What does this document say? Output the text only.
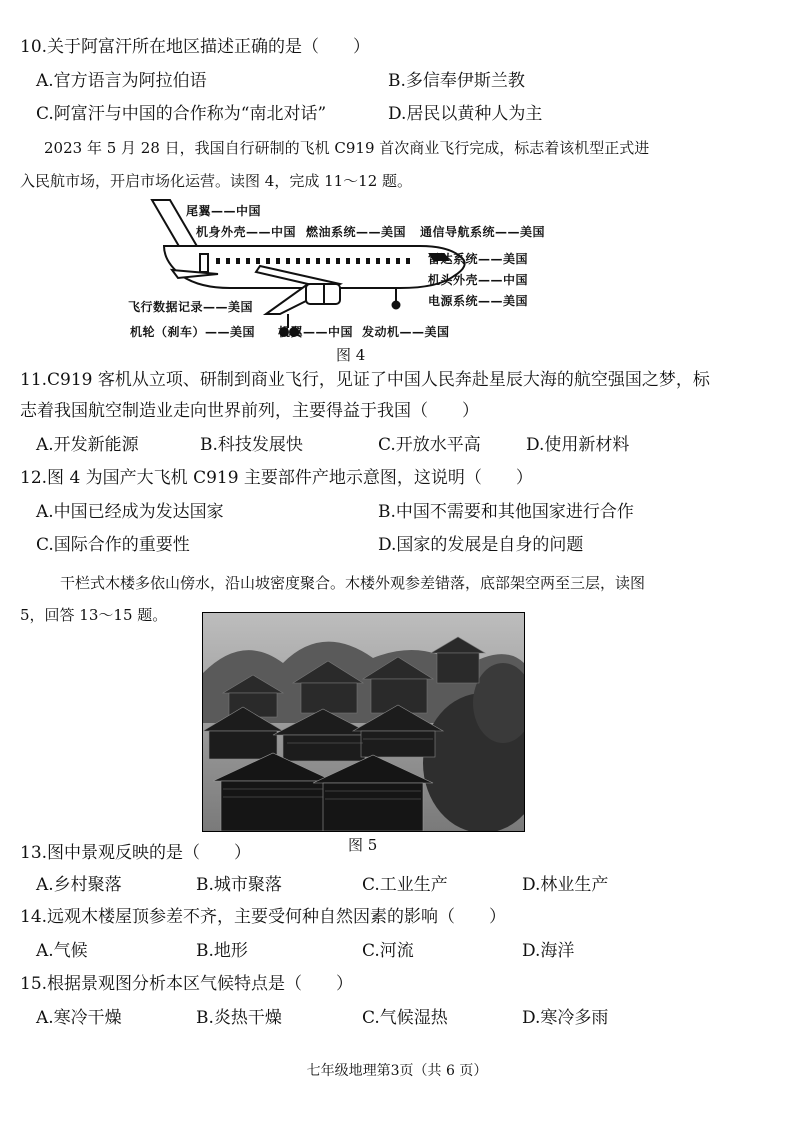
10.关于阿富汗所在地区描述正确的是（　　）
A.官方语言为阿拉伯语	B.多信奉伊斯兰教
C.阿富汗与中国的合作称为“南北对话”	D.居民以黄种人为主
2023 年 5 月 28 日，我国自行研制的飞机 C919 首次商业飞行完成，标志着该机型正式进
入民航市场，开启市场化运营。读图 4，完成 11～12 题。
尾翼——中国
机身外壳——中国 燃油系统——美国 通信导航系统——美国
雷达系统——美国
机头外壳——中国
电源系统——美国
飞行数据记录——美国
机轮（刹车）——美国 机翼——中国 发动机——美国
图 4
11.C919 客机从立项、研制到商业飞行，见证了中国人民奔赴星辰大海的航空强国之梦，标
志着我国航空制造业走向世界前列，主要得益于我国（　　）
A.开发新能源	B.科技发展快	C.开放水平高	D.使用新材料
12.图 4 为国产大飞机 C919 主要部件产地示意图，这说明（　　）
A.中国已经成为发达国家	B.中国不需要和其他国家进行合作
C.国际合作的重要性	D.国家的发展是自身的问题
干栏式木楼多依山傍水，沿山坡密度聚合。木楼外观参差错落，底部架空两至三层，读图
5，回答 13～15 题。
图 5
13.图中景观反映的是（　　）
A.乡村聚落	B.城市聚落	C.工业生产	D.林业生产
14.远观木楼屋顶参差不齐，主要受何种自然因素的影响（　　）
A.气候	B.地形	C.河流	D.海洋
15.根据景观图分析本区气候特点是（　　）
A.寒冷干燥	B.炎热干燥	C.气候湿热	D.寒冷多雨
七年级地理第3页（共 6 页）
